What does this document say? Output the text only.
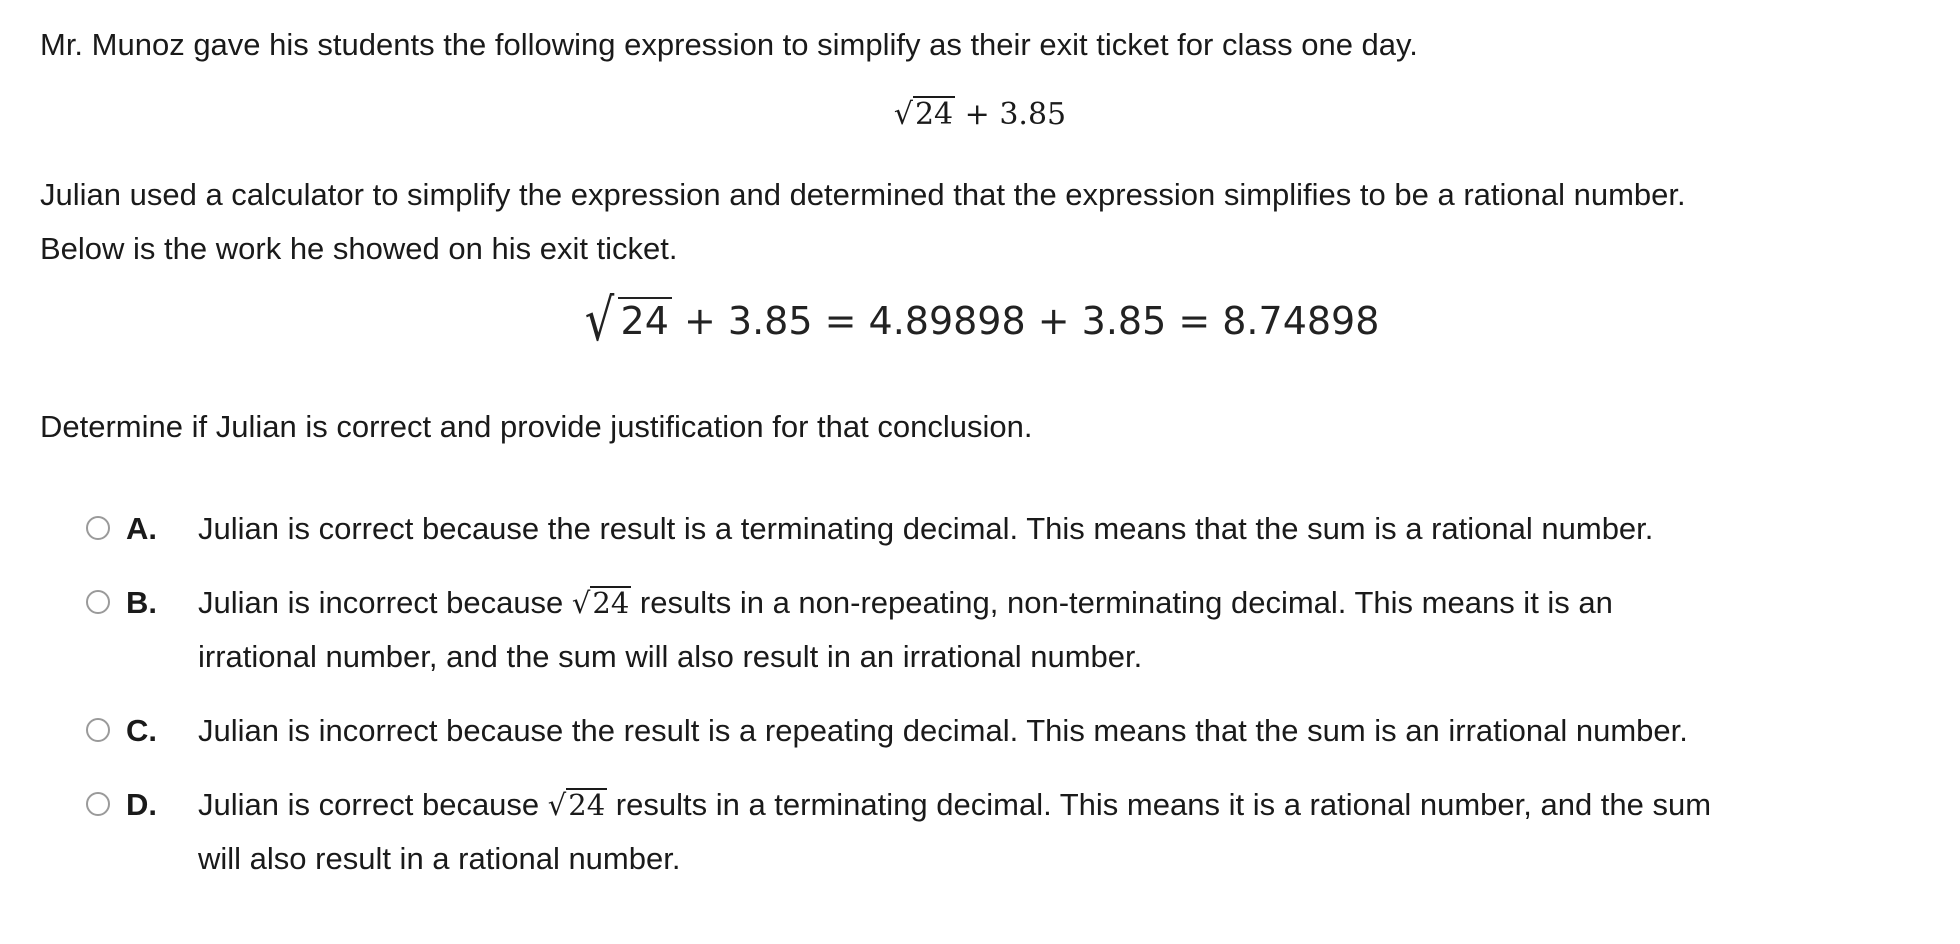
Mr. Munoz gave his students the following expression to simplify as their exit ticket for class one day.
√24 + 3.85
Julian used a calculator to simplify the expression and determined that the expression simplifies to be a rational number.
Below is the work he showed on his exit ticket.
√ 24 + 3.85 = 4.89898 + 3.85 = 8.74898
Determine if Julian is correct and provide justification for that conclusion.
A. Julian is correct because the result is a terminating decimal. This means that the sum is a rational number.
B. Julian is incorrect because √24 results in a non-repeating, non-terminating decimal. This means it is an
irrational number, and the sum will also result in an irrational number.
C. Julian is incorrect because the result is a repeating decimal. This means that the sum is an irrational number.
D. Julian is correct because √24 results in a terminating decimal. This means it is a rational number, and the sum
will also result in a rational number.
